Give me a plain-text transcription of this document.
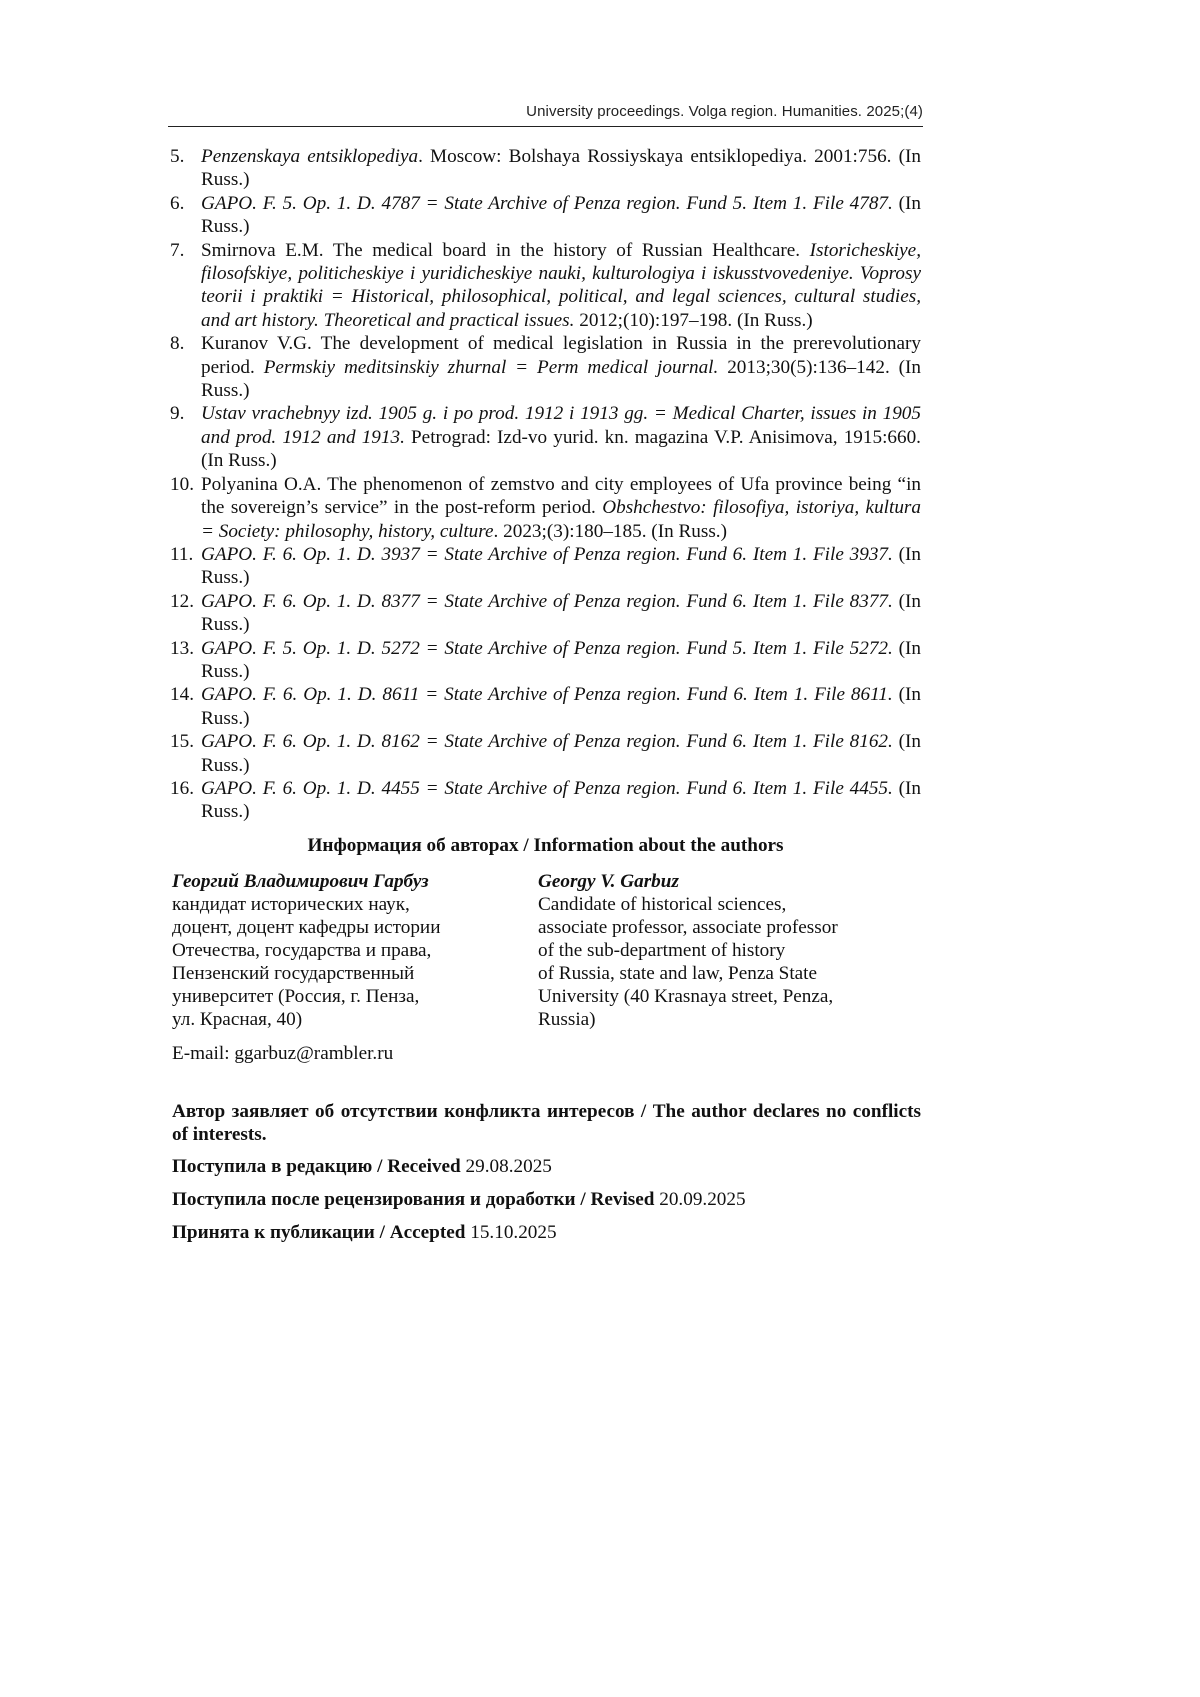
University proceedings. Volga region. Humanities. 2025;(4)
5. Penzenskaya entsiklopediya. Moscow: Bolshaya Rossiyskaya entsiklopediya. 2001:756. (In Russ.)
6. GAPO. F. 5. Op. 1. D. 4787 = State Archive of Penza region. Fund 5. Item 1. File 4787. (In Russ.)
7. Smirnova E.M. The medical board in the history of Russian Healthcare. Istoricheskiye, filosofskiye, politicheskiye i yuridicheskiye nauki, kulturologiya i iskusstvovedeniye. Voprosy teorii i praktiki = Historical, philosophical, political, and legal sciences, cultural studies, and art history. Theoretical and practical issues. 2012;(10):197–198. (In Russ.)
8. Kuranov V.G. The development of medical legislation in Russia in the prerevolutionary period. Permskiy meditsinskiy zhurnal = Perm medical journal. 2013;30(5):136–142. (In Russ.)
9. Ustav vrachebnyy izd. 1905 g. i po prod. 1912 i 1913 gg. = Medical Charter, issues in 1905 and prod. 1912 and 1913. Petrograd: Izd-vo yurid. kn. magazina V.P. Anisimova, 1915:660. (In Russ.)
10. Polyanina O.A. The phenomenon of zemstvo and city employees of Ufa province being “in the sovereign’s service” in the post-reform period. Obshchestvo: filosofiya, istoriya, kultura = Society: philosophy, history, culture. 2023;(3):180–185. (In Russ.)
11. GAPO. F. 6. Op. 1. D. 3937 = State Archive of Penza region. Fund 6. Item 1. File 3937. (In Russ.)
12. GAPO. F. 6. Op. 1. D. 8377 = State Archive of Penza region. Fund 6. Item 1. File 8377. (In Russ.)
13. GAPO. F. 5. Op. 1. D. 5272 = State Archive of Penza region. Fund 5. Item 1. File 5272. (In Russ.)
14. GAPO. F. 6. Op. 1. D. 8611 = State Archive of Penza region. Fund 6. Item 1. File 8611. (In Russ.)
15. GAPO. F. 6. Op. 1. D. 8162 = State Archive of Penza region. Fund 6. Item 1. File 8162. (In Russ.)
16. GAPO. F. 6. Op. 1. D. 4455 = State Archive of Penza region. Fund 6. Item 1. File 4455. (In Russ.)
Информация об авторах / Information about the authors
Георгий Владимирович Гарбуз
кандидат исторических наук,
доцент, доцент кафедры истории
Отечества, государства и права,
Пензенский государственный
университет (Россия, г. Пенза,
ул. Красная, 40)
Georgy V. Garbuz
Candidate of historical sciences,
associate professor, associate professor
of the sub-department of history
of Russia, state and law, Penza State
University (40 Krasnaya street, Penza,
Russia)
E-mail: ggarbuz@rambler.ru
Автор заявляет об отсутствии конфликта интересов / The author declares no conflicts of interests.
Поступила в редакцию / Received 29.08.2025
Поступила после рецензирования и доработки / Revised 20.09.2025
Принята к публикации / Accepted 15.10.2025
